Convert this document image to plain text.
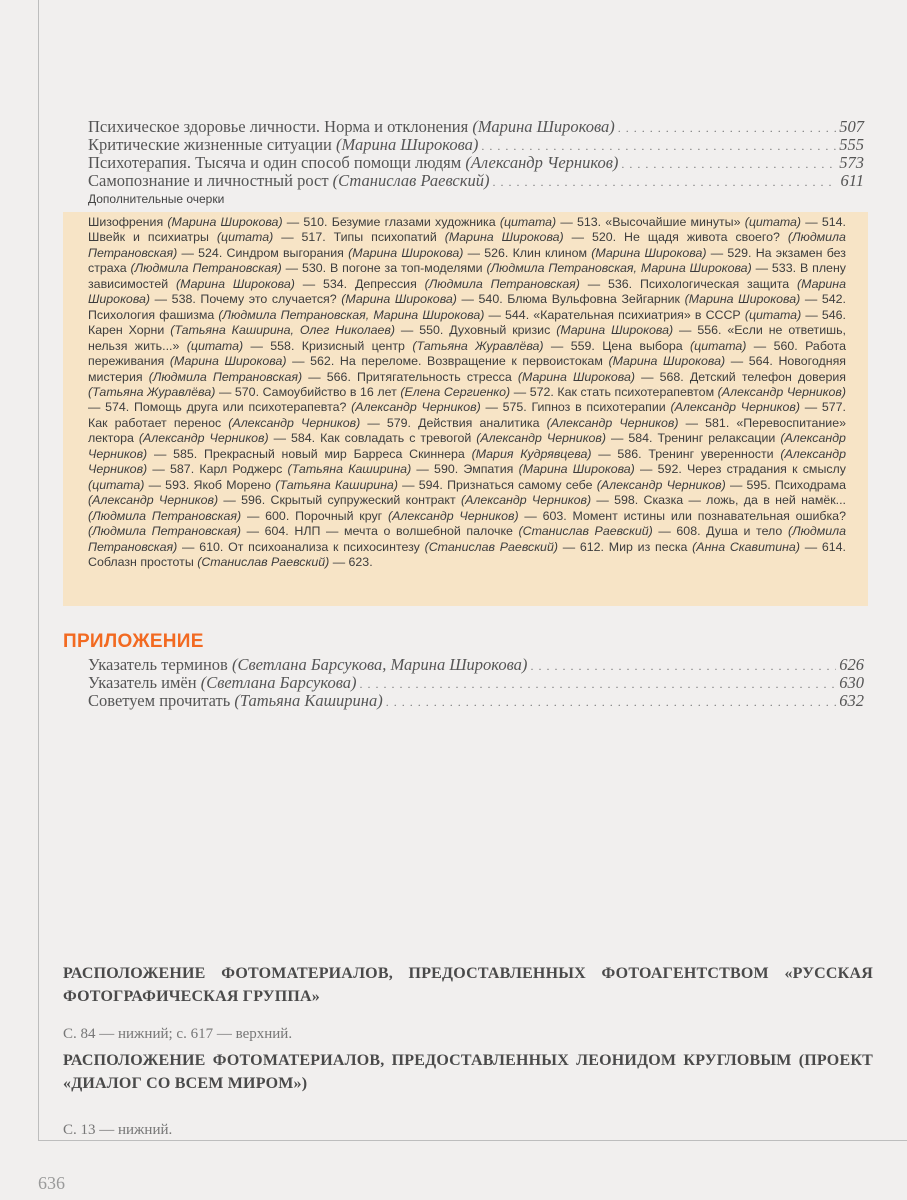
Психическое здоровье личности. Норма и отклонения (Марина Широкова) . . .	507
Критические жизненные ситуации (Марина Широкова) . . .	555
Психотерапия. Тысяча и один способ помощи людям (Александр Черников) . . .	573
Самопознание и личностный рост (Станислав Раевский) . . .	611
Дополнительные очерки
Шизофрения (Марина Широкова) — 510. Безумие глазами художника (цитата) — 513. «Высочайшие минуты» (цитата) — 514. Швейк и психиатры (цитата) — 517. Типы психопатий (Марина Широкова) — 520. Не щадя живота своего? (Людмила Петрановская) — 524. Синдром выгорания (Марина Широкова) — 526. Клин клином (Марина Широкова) — 529. На экзамен без страха (Людмила Петрановская) — 530. В погоне за топ-моделями (Людмила Петрановская, Марина Широкова) — 533. В плену зависимостей (Марина Широкова) — 534. Депрессия (Людмила Петрановская) — 536. Психологическая защита (Марина Широкова) — 538. Почему это случается? (Марина Широкова) — 540. Блюма Вульфовна Зейгарник (Марина Широкова) — 542. Психология фашизма (Людмила Петрановская, Марина Широкова) — 544. «Карательная психиатрия» в СССР (цитата) — 546. Карен Хорни (Татьяна Каширина, Олег Николаев) — 550. Духовный кризис (Марина Широкова) — 556. «Если не ответишь, нельзя жить...» (цитата) — 558. Кризисный центр (Татьяна Журавлёва) — 559. Цена выбора (цитата) — 560. Работа переживания (Марина Широкова) — 562. На переломе. Возвращение к первоистокам (Марина Широкова) — 564. Новогодняя мистерия (Людмила Петрановская) — 566. Притягательность стресса (Марина Широкова) — 568. Детский телефон доверия (Татьяна Журавлёва) — 570. Самоубийство в 16 лет (Елена Сергиенко) — 572. Как стать психотерапевтом (Александр Черников) — 574. Помощь друга или психотерапевта? (Александр Черников) — 575. Гипноз в психотерапии (Александр Черников) — 577. Как работает перенос (Александр Черников) — 579. Действия аналитика (Александр Черников) — 581. «Перевоспитание» лектора (Александр Черников) — 584. Как совладать с тревогой (Александр Черников) — 584. Тренинг релаксации (Александр Черников) — 585. Прекрасный новый мир Барреса Скиннера (Мария Кудрявцева) — 586. Тренинг уверенности (Александр Черников) — 587. Карл Роджерс (Татьяна Каширина) — 590. Эмпатия (Марина Широкова) — 592. Через страдания к смыслу (цитата) — 593. Якоб Морено (Татьяна Каширина) — 594. Признаться самому себе (Александр Черников) — 595. Психодрама (Александр Черников) — 596. Скрытый супружеский контракт (Александр Черников) — 598. Сказка — ложь, да в ней намёк... (Людмила Петрановская) — 600. Порочный круг (Александр Черников) — 603. Момент истины или познавательная ошибка? (Людмила Петрановская) — 604. НЛП — мечта о волшебной палочке (Станислав Раевский) — 608. Душа и тело (Людмила Петрановская) — 610. От психоанализа к психосинтезу (Станислав Раевский) — 612. Мир из песка (Анна Скавитина) — 614. Соблазн простоты (Станислав Раевский) — 623.
ПРИЛОЖЕНИЕ
Указатель терминов (Светлана Барсукова, Марина Широкова) . . .	626
Указатель имён (Светлана Барсукова) . . .	630
Советуем прочитать (Татьяна Каширина) . . .	632
РАСПОЛОЖЕНИЕ ФОТОМАТЕРИАЛОВ, ПРЕДОСТАВЛЕННЫХ ФОТОАГЕНТСТВОМ «РУССКАЯ ФОТОГРАФИЧЕСКАЯ ГРУППА»
С. 84 — нижний; с. 617 — верхний.
РАСПОЛОЖЕНИЕ ФОТОМАТЕРИАЛОВ, ПРЕДОСТАВЛЕННЫХ ЛЕОНИДОМ КРУГЛОВЫМ (ПРОЕКТ «ДИАЛОГ СО ВСЕМ МИРОМ»)
С. 13 — нижний.
636
